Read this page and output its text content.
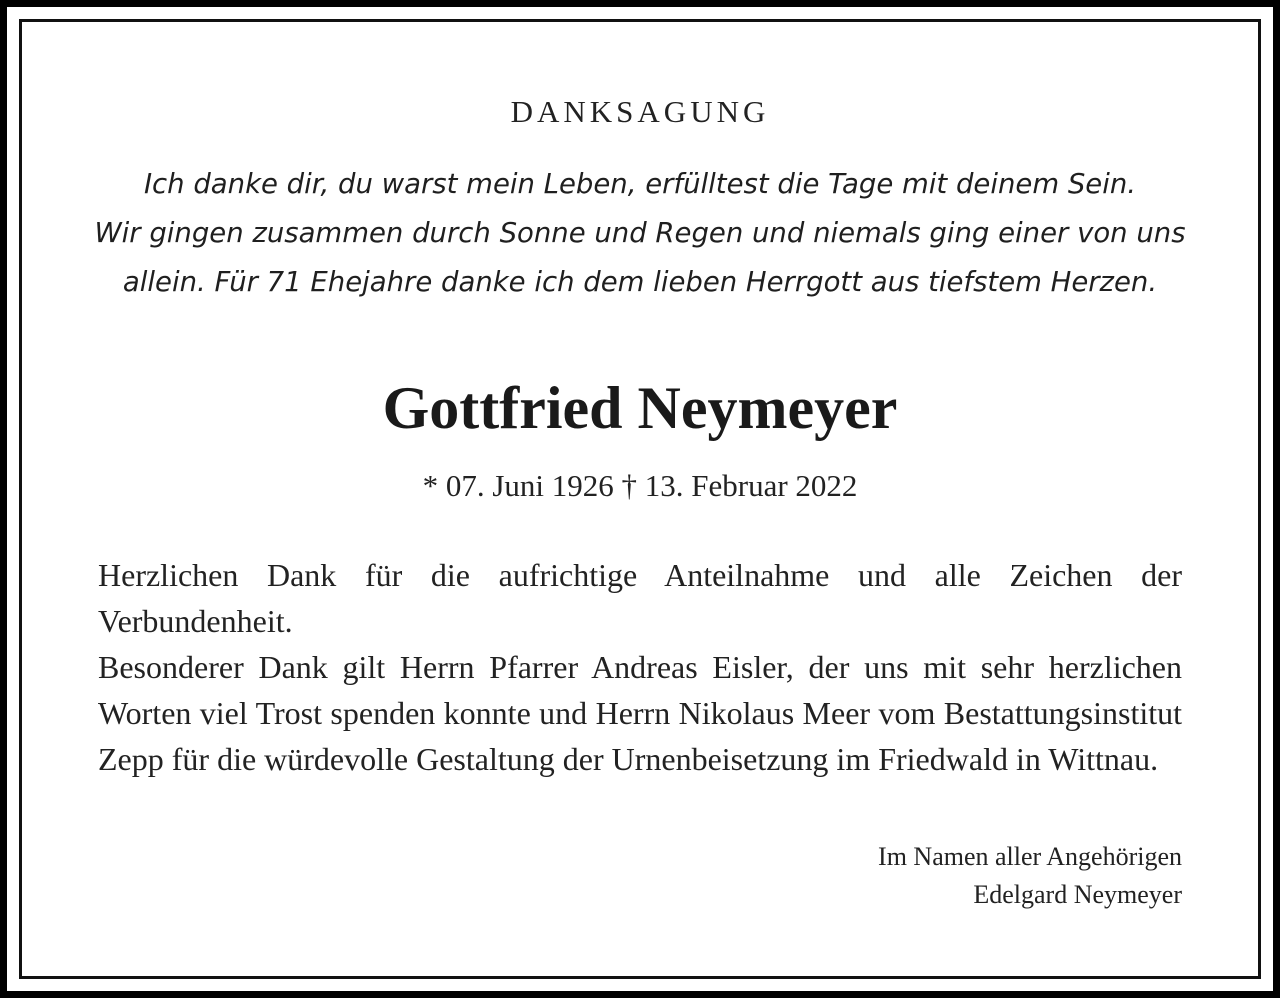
DANKSAGUNG
Ich danke dir, du warst mein Leben, erfülltest die Tage mit deinem Sein.
Wir gingen zusammen durch Sonne und Regen und niemals ging einer von uns
allein. Für 71 Ehejahre danke ich dem lieben Herrgott aus tiefstem Herzen.
Gottfried Neymeyer
* 07. Juni 1926 † 13. Februar 2022

Herzlichen Dank für die aufrichtige Anteilnahme und alle Zeichen der Verbundenheit.

Besonderer Dank gilt Herrn Pfarrer Andreas Eisler, der uns mit sehr herzlichen Worten viel Trost spenden konnte und Herrn Nikolaus Meer vom Bestattungsinstitut Zepp für die würdevolle Gestaltung der Urnenbeisetzung im Friedwald in Wittnau.

Im Namen aller Angehörigen
Edelgard Neymeyer
